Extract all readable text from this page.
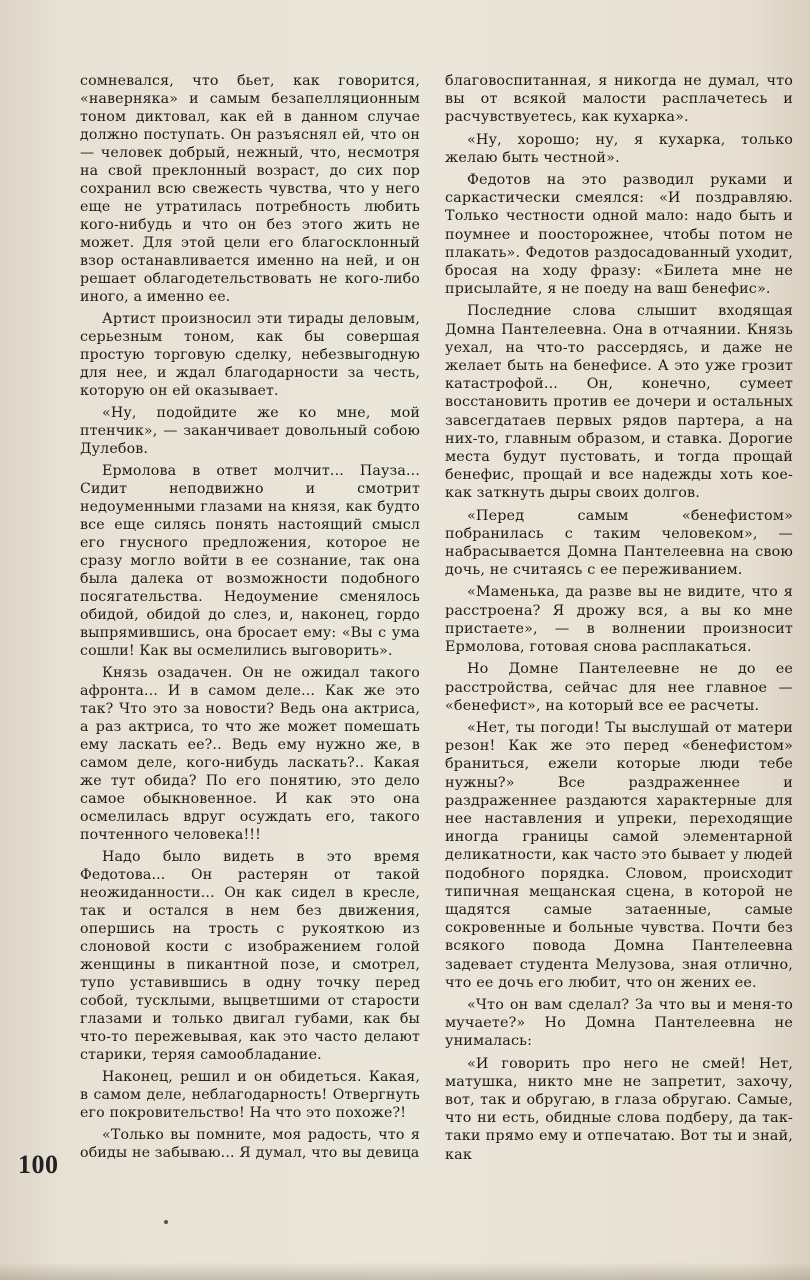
сомневался, что бьет, как говорится, «наверняка» и самым безапелляционным тоном диктовал, как ей в данном случае должно поступать. Он разъяснял ей, что он — человек добрый, нежный, что, несмотря на свой преклонный возраст, до сих пор сохранил всю свежесть чувства, что у него еще не утратилась потребность любить кого-нибудь и что он без этого жить не может. Для этой цели его благосклонный взор останавливается именно на ней, и он решает облагодетельствовать не кого-либо иного, а именно ее.

Артист произносил эти тирады деловым, серьезным тоном, как бы совершая простую торговую сделку, небезвыгодную для нее, и ждал благодарности за честь, которую он ей оказывает.

«Ну, подойдите же ко мне, мой птенчик», — заканчивает довольный собою Дулебов.

Ермолова в ответ молчит... Пауза... Сидит неподвижно и смотрит недоуменными глазами на князя, как будто все еще силясь понять настоящий смысл его гнусного предложения, которое не сразу могло войти в ее сознание, так она была далека от возможности подобного посягательства. Недоумение сменялось обидой, обидой до слез, и, наконец, гордо выпрямившись, она бросает ему: «Вы с ума сошли! Как вы осмелились выговорить».

Князь озадачен. Он не ожидал такого афронта... И в самом деле... Как же это так? Что это за новости? Ведь она актриса, а раз актриса, то что же может помешать ему ласкать ее?.. Ведь ему нужно же, в самом деле, кого-нибудь ласкать?.. Какая же тут обида? По его понятию, это дело самое обыкновенное. И как это она осмелилась вдруг осуждать его, такого почтенного человека!!!

Надо было видеть в это время Федотова... Он растерян от такой неожиданности... Он как сидел в кресле, так и остался в нем без движения, опершись на трость с рукояткою из слоновой кости с изображением голой женщины в пикантной позе, и смотрел, тупо уставившись в одну точку перед собой, тусклыми, выцветшими от старости глазами и только двигал губами, как бы что-то пережевывая, как это часто делают старики, теряя самообладание.

Наконец, решил и он обидеться. Какая, в самом деле, неблагодарность! Отвергнуть его покровительство! На что это похоже?!

«Только вы помните, моя радость, что я обиды не забываю... Я думал, что вы девица

благовоспитанная, я никогда не думал, что вы от всякой малости расплачетесь и расчувствуетесь, как кухарка».

«Ну, хорошо; ну, я кухарка, только желаю быть честной».

Федотов на это разводил руками и саркастически смеялся: «И поздравляю. Только честности одной мало: надо быть и поумнее и поосторожнее, чтобы потом не плакать». Федотов раздосадованный уходит, бросая на ходу фразу: «Билета мне не присылайте, я не поеду на ваш бенефис».

Последние слова слышит входящая Домна Пантелеевна. Она в отчаянии. Князь уехал, на что-то рассердясь, и даже не желает быть на бенефисе. А это уже грозит катастрофой... Он, конечно, сумеет восстановить против ее дочери и остальных завсегдатаев первых рядов партера, а на них-то, главным образом, и ставка. Дорогие места будут пустовать, и тогда прощай бенефис, прощай и все надежды хоть кое-как заткнуть дыры своих долгов.

«Перед самым «бенефистом» побранилась с таким человеком», — набрасывается Домна Пантелеевна на свою дочь, не считаясь с ее переживанием.

«Маменька, да разве вы не видите, что я расстроена? Я дрожу вся, а вы ко мне пристаете», — в волнении произносит Ермолова, готовая снова расплакаться.

Но Домне Пантелеевне не до ее расстройства, сейчас для нее главное — «бенефист», на который все ее расчеты.

«Нет, ты погоди! Ты выслушай от матери резон! Как же это перед «бенефистом» браниться, ежели которые люди тебе нужны?» Все раздраженнее и раздраженнее раздаются характерные для нее наставления и упреки, переходящие иногда границы самой элементарной деликатности, как часто это бывает у людей подобного порядка. Словом, происходит типичная мещанская сцена, в которой не щадятся самые затаенные, самые сокровенные и больные чувства. Почти без всякого повода Домна Пантелеевна задевает студента Мелузова, зная отлично, что ее дочь его любит, что он жених ее.

«Что он вам сделал? За что вы и меня-то мучаете?» Но Домна Пантелеевна не унималась:

«И говорить про него не смей! Нет, матушка, никто мне не запретит, захочу, вот, так и обругаю, в глаза обругаю. Самые, что ни есть, обидные слова подберу, да так-таки прямо ему и отпечатаю. Вот ты и знай, как

100
